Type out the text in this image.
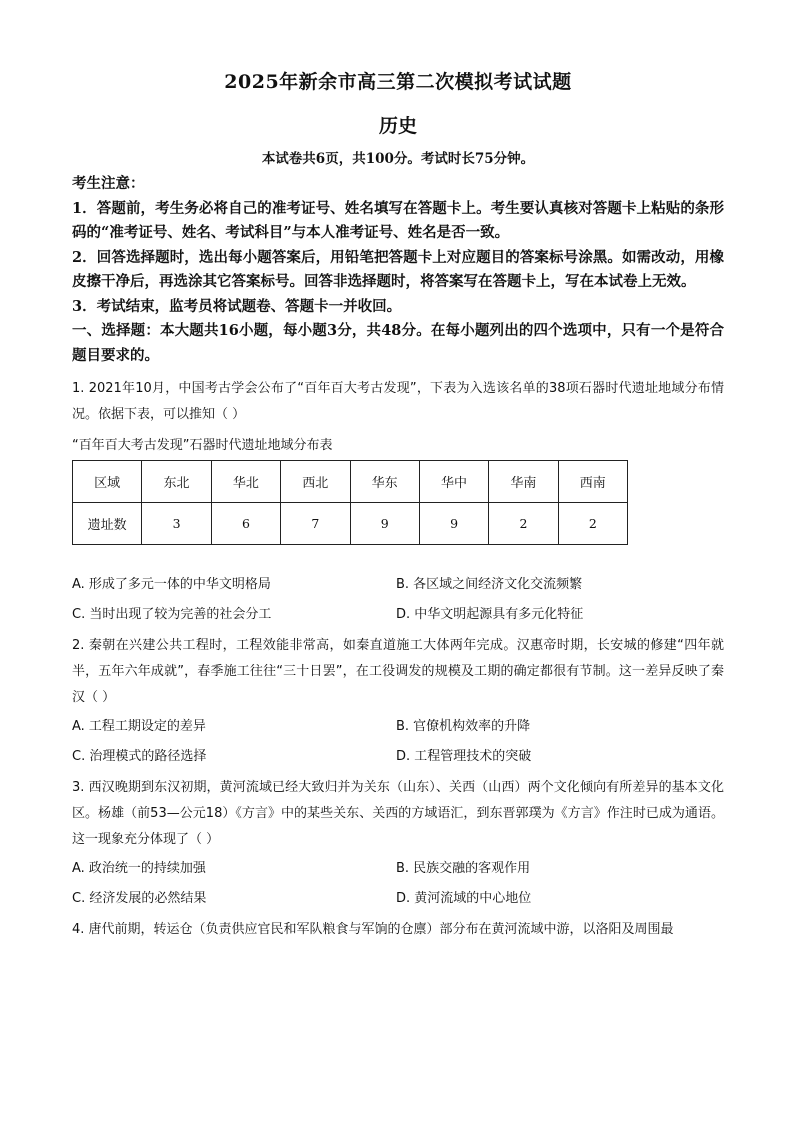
2025年新余市高三第二次模拟考试试题
历史
本试卷共6页，共100分。考试时长75分钟。
考生注意：
1．答题前，考生务必将自己的准考证号、姓名填写在答题卡上。考生要认真核对答题卡上粘贴的条形码的“准考证号、姓名、考试科目”与本人准考证号、姓名是否一致。
2．回答选择题时，选出每小题答案后，用铅笔把答题卡上对应题目的答案标号涂黑。如需改动，用橡皮擦干净后，再选涂其它答案标号。回答非选择题时，将答案写在答题卡上，写在本试卷上无效。
3．考试结束，监考员将试题卷、答题卡一并收回。
一、选择题：本大题共16小题，每小题3分，共48分。在每小题列出的四个选项中，只有一个是符合题目要求的。
1. 2021年10月，中国考古学会公布了“百年百大考古发现”，下表为入选该名单的38项石器时代遗址地域分布情况。依据下表，可以推知（ ）
“百年百大考古发现”石器时代遗址地域分布表
区域	东北	华北	西北	华东	华中	华南	西南
遗址数	3	6	7	9	9	2	2
A. 形成了多元一体的中华文明格局	B. 各区域之间经济文化交流频繁
C. 当时出现了较为完善的社会分工	D. 中华文明起源具有多元化特征
2. 秦朝在兴建公共工程时，工程效能非常高，如秦直道施工大体两年完成。汉惠帝时期，长安城的修建“四年就半，五年六年成就”，春季施工往往“三十日罢”，在工役调发的规模及工期的确定都很有节制。这一差异反映了秦汉（ ）
A. 工程工期设定的差异	B. 官僚机构效率的升降
C. 治理模式的路径选择	D. 工程管理技术的突破
3. 西汉晚期到东汉初期，黄河流域已经大致归并为关东（山东）、关西（山西）两个文化倾向有所差异的基本文化区。杨雄（前53—公元18）《方言》中的某些关东、关西的方域语汇，到东晋郭璞为《方言》作注时已成为通语。这一现象充分体现了（ ）
A. 政治统一的持续加强	B. 民族交融的客观作用
C. 经济发展的必然结果	D. 黄河流域的中心地位
4. 唐代前期，转运仓（负责供应官民和军队粮食与军饷的仓廪）部分布在黄河流域中游，以洛阳及周围最
